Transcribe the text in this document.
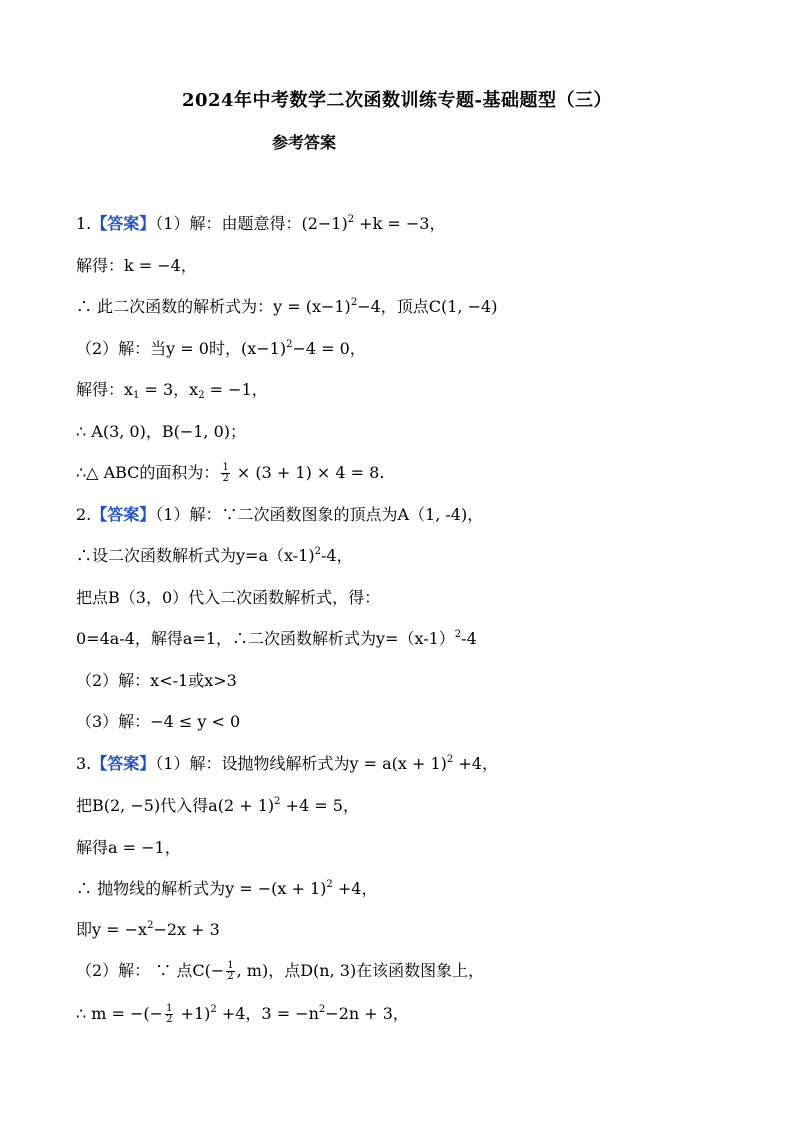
2024年中考数学二次函数训练专题-基础题型（三）
参考答案
1.【答案】（1）解：由题意得：$(2-1)^2 +k = -3$，
解得：k = −4，
∴ 此二次函数的解析式为：$y = (x-1)^2-4$，顶点C(1, −4)
（2）解：当y = 0时，$(x-1)^2-4 = 0$，
解得：$x_1 = 3$，$x_2 = -1$，
∴ A(3, 0)，B(−1, 0)；
∴△ ABC的面积为： $\frac{1}{2} \times (3 + 1) \times 4 = 8$.
2.【答案】（1）解：∵二次函数图象的顶点为A（1, -4)，
∴设二次函数解析式为y=a（x-1)$^2$-4，
把点B（3，0）代入二次函数解析式，得：
0=4a-4，解得a=1，∴二次函数解析式为$y=(x-1)^2-4$
（2）解：x<-1或x>3
（3）解：−4 ≤ y < 0
3.【答案】（1）解：设抛物线解析式为$y = a(x + 1)^2 +4$，
把B(2, −5)代入得$a(2 + 1)^2 +4 = 5$，
解得a = −1，
∴ 抛物线的解析式为$y = -(x + 1)^2 +4$，
即$y = -x^2-2x + 3$
（2）解： ∵ 点$C(- \frac{1}{2}$ , m)，点D(n, 3)在该函数图象上，
∴ m = −(− $\frac{1}{2} +1)^2 +4$，$3 = -n^2-2n + 3$，
